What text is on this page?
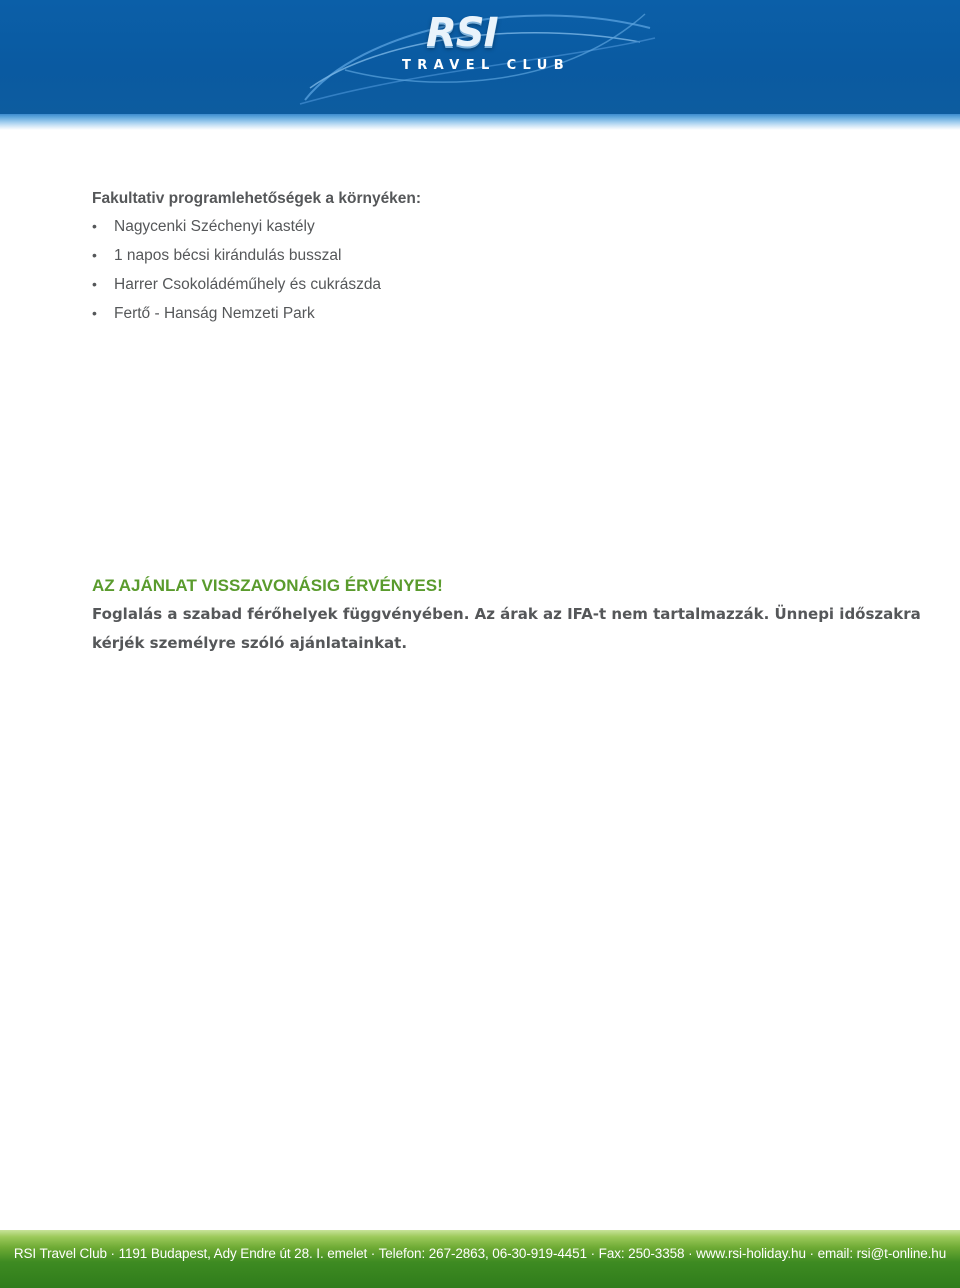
RSI
TRAVEL CLUB

Fakultativ programlehetőségek a környéken:

• Nagycenki Széchenyi kastély
• 1 napos bécsi kirándulás busszal
• Harrer Csokoládéműhely és cukrászda
• Fertő - Hanság Nemzeti Park

AZ AJÁNLAT VISSZAVONÁSIG ÉRVÉNYES!

Foglalás a szabad férőhelyek függvényében. Az árak az IFA-t nem tartalmazzák. Ünnepi időszakra kérjék személyre szóló ajánlatainkat.

RSI Travel Club · 1191 Budapest, Ady Endre út 28. I. emelet · Telefon: 267-2863, 06-30-919-4451 · Fax: 250-3358 · www.rsi-holiday.hu · email: rsi@t-online.hu
